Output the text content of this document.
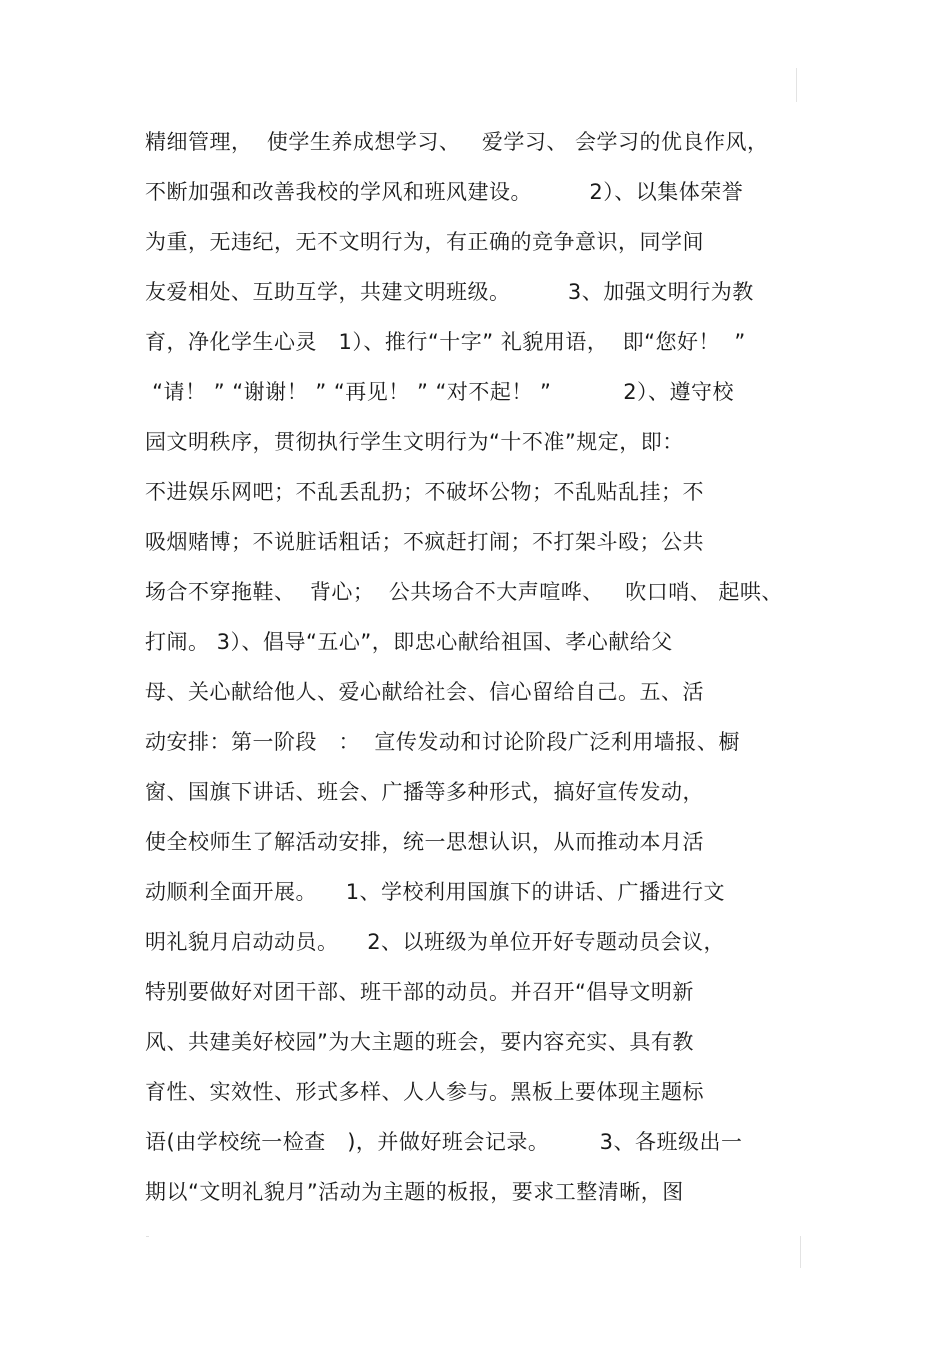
精细管理，  使学生养成想学习、   爱学习、 会学习的优良作风，
不断加强和改善我校的学风和班风建设。        2）、以集体荣誉
为重，无违纪，无不文明行为，有正确的竞争意识，同学间
友爱相处、互助互学，共建文明班级。        3、加强文明行为教
育，净化学生心灵   1）、推行“十字” 礼貌用语，  即“您好！  ”
“请！ ” “谢谢！ ” “再见！ ” “对不起！ ”          2）、遵守校
园文明秩序，贯彻执行学生文明行为“十不准”规定，即：
不进娱乐网吧；不乱丢乱扔；不破坏公物；不乱贴乱挂；不
吸烟赌博；不说脏话粗话；不疯赶打闹；不打架斗殴；公共
场合不穿拖鞋、  背心；  公共场合不大声喧哗、   吹口哨、 起哄、
打闹。 3）、倡导“五心”，即忠心献给祖国、孝心献给父
母、关心献给他人、爱心献给社会、信心留给自己。五、活
动安排：第一阶段   ：  宣传发动和讨论阶段广泛利用墙报、橱
窗、国旗下讲话、班会、广播等多种形式，搞好宣传发动，
使全校师生了解活动安排，统一思想认识，从而推动本月活
动顺利全面开展。    1、学校利用国旗下的讲话、广播进行文
明礼貌月启动动员。    2、以班级为单位开好专题动员会议，
特别要做好对团干部、班干部的动员。并召开“倡导文明新
风、共建美好校园”为大主题的班会，要内容充实、具有教
育性、实效性、形式多样、人人参与。黑板上要体现主题标
语(由学校统一检查   )，并做好班会记录。       3、各班级出一
期以“文明礼貌月”活动为主题的板报，要求工整清晰，图
